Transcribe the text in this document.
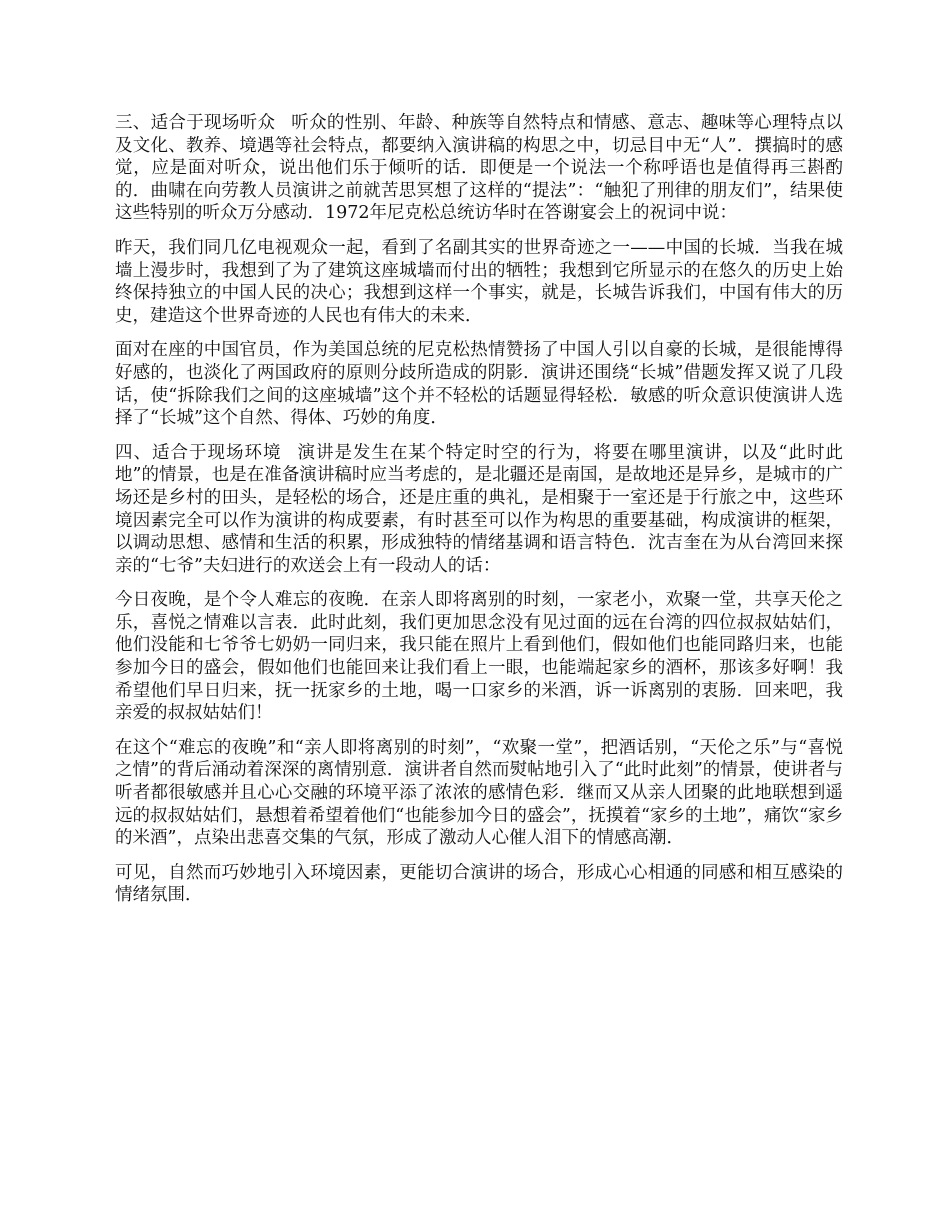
三、适合于现场听众 听众的性别、年龄、种族等自然特点和情感、意志、趣味等心理特点以及文化、教养、境遇等社会特点，都要纳入演讲稿的构思之中，切忌目中无“人”．撰搞时的感觉，应是面对听众，说出他们乐于倾听的话．即便是一个说法一个称呼语也是值得再三斟酌的．曲啸在向劳教人员演讲之前就苦思冥想了这样的“提法”：“触犯了刑律的朋友们”，结果使这些特别的听众万分感动．1972年尼克松总统访华时在答谢宴会上的祝词中说：

昨天，我们同几亿电视观众一起，看到了名副其实的世界奇迹之一——中国的长城．当我在城墙上漫步时，我想到了为了建筑这座城墙而付出的牺牲；我想到它所显示的在悠久的历史上始终保持独立的中国人民的决心；我想到这样一个事实，就是，长城告诉我们，中国有伟大的历史，建造这个世界奇迹的人民也有伟大的未来．

面对在座的中国官员，作为美国总统的尼克松热情赞扬了中国人引以自豪的长城，是很能博得好感的，也淡化了两国政府的原则分歧所造成的阴影．演讲还围绕“长城”借题发挥又说了几段话，使“拆除我们之间的这座城墙”这个并不轻松的话题显得轻松．敏感的听众意识使演讲人选择了“长城”这个自然、得体、巧妙的角度．

四、适合于现场环境 演讲是发生在某个特定时空的行为，将要在哪里演讲，以及“此时此地”的情景，也是在准备演讲稿时应当考虑的，是北疆还是南国，是故地还是异乡，是城市的广场还是乡村的田头，是轻松的场合，还是庄重的典礼，是相聚于一室还是于行旅之中，这些环境因素完全可以作为演讲的构成要素，有时甚至可以作为构思的重要基础，构成演讲的框架，以调动思想、感情和生活的积累，形成独特的情绪基调和语言特色．沈吉奎在为从台湾回来探亲的“七爷”夫妇进行的欢送会上有一段动人的话：

今日夜晚，是个令人难忘的夜晚．在亲人即将离别的时刻，一家老小，欢聚一堂，共享天伦之乐，喜悦之情难以言表．此时此刻，我们更加思念没有见过面的远在台湾的四位叔叔姑姑们，他们没能和七爷爷七奶奶一同归来，我只能在照片上看到他们，假如他们也能同路归来，也能参加今日的盛会，假如他们也能回来让我们看上一眼，也能端起家乡的酒杯，那该多好啊！我希望他们早日归来，抚一抚家乡的土地，喝一口家乡的米酒，诉一诉离别的衷肠．回来吧，我亲爱的叔叔姑姑们！

在这个“难忘的夜晚”和“亲人即将离别的时刻”，“欢聚一堂”，把酒话别，“天伦之乐”与“喜悦之情”的背后涌动着深深的离情别意．演讲者自然而熨帖地引入了“此时此刻”的情景，使讲者与听者都很敏感并且心心交融的环境平添了浓浓的感情色彩．继而又从亲人团聚的此地联想到遥远的叔叔姑姑们，悬想着希望着他们“也能参加今日的盛会”，抚摸着“家乡的土地”，痛饮“家乡的米酒”，点染出悲喜交集的气氛，形成了激动人心催人泪下的情感高潮．

可见，自然而巧妙地引入环境因素，更能切合演讲的场合，形成心心相通的同感和相互感染的情绪氛围．
